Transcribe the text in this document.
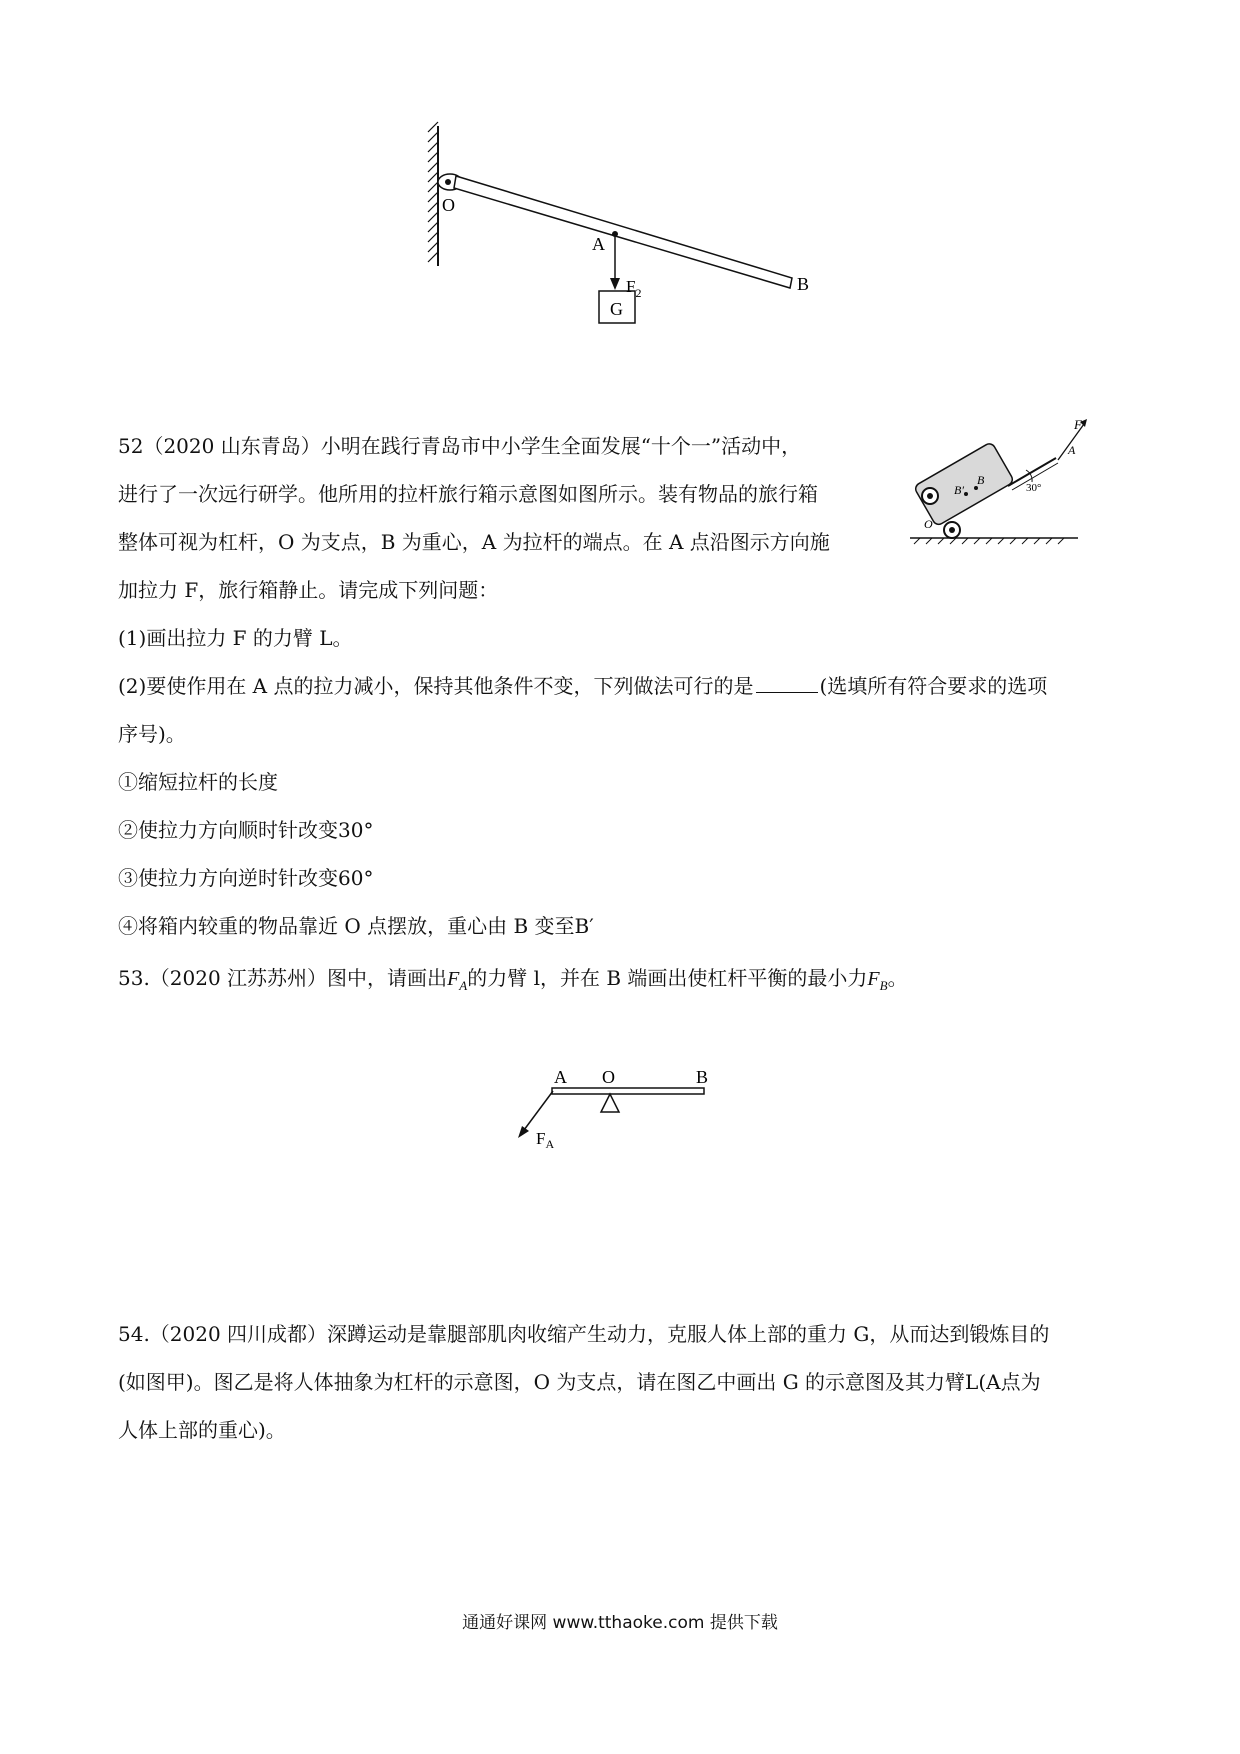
O
A
B
$F_2$
G
52（2020 山东青岛）小明在践行青岛市中小学生全面发展“十个一”活动中，
进行了一次远行研学。他所用的拉杆旅行箱示意图如图所示。装有物品的旅行箱
整体可视为杠杆，O 为支点，B 为重心，A 为拉杆的端点。在 A 点沿图示方向施
加拉力 F，旅行箱静止。请完成下列问题：
(1)画出拉力 F 的力臂 L。
(2)要使作用在 A 点的拉力减小，保持其他条件不变，下列做法可行的是	(选填所有符合要求的选项
序号)。
①缩短拉杆的长度
②使拉力方向顺时针改变30°
③使拉力方向逆时针改变60°
④将箱内较重的物品靠近 O 点摆放，重心由 B 变至B′
F
A
B
B′
O
30°
53.（2020 江苏苏州）图中，请画出$F_A$的力臂 l，并在 B 端画出使杠杆平衡的最小力$F_B$。
A O	B
$F_A$
54.（2020 四川成都）深蹲运动是靠腿部肌肉收缩产生动力，克服人体上部的重力 G，从而达到锻炼目的
(如图甲)。图乙是将人体抽象为杠杆的示意图，O 为支点，请在图乙中画出 G 的示意图及其力臂L(A点为
人体上部的重心)。
通通好课网 www.tthaoke.com 提供下载
